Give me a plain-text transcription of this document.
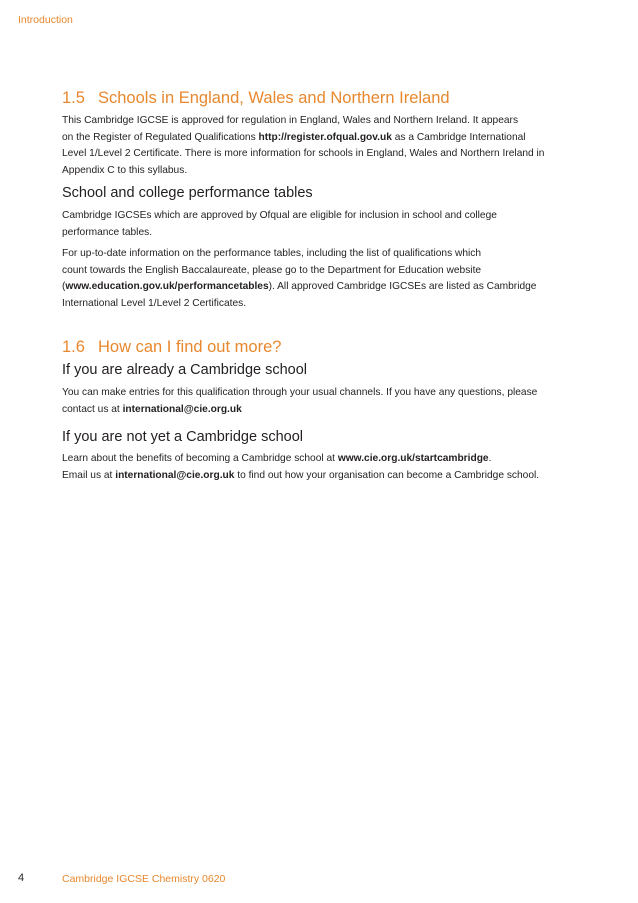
Introduction
1.5 Schools in England, Wales and Northern Ireland
This Cambridge IGCSE is approved for regulation in England, Wales and Northern Ireland. It appears
on the Register of Regulated Qualifications http://register.ofqual.gov.uk as a Cambridge International
Level 1/Level 2 Certificate. There is more information for schools in England, Wales and Northern Ireland in
Appendix C to this syllabus.
School and college performance tables
Cambridge IGCSEs which are approved by Ofqual are eligible for inclusion in school and college
performance tables.
For up-to-date information on the performance tables, including the list of qualifications which
count towards the English Baccalaureate, please go to the Department for Education website
(www.education.gov.uk/performancetables). All approved Cambridge IGCSEs are listed as Cambridge
International Level 1/Level 2 Certificates.
1.6 How can I find out more?
If you are already a Cambridge school
You can make entries for this qualification through your usual channels. If you have any questions, please
contact us at international@cie.org.uk
If you are not yet a Cambridge school
Learn about the benefits of becoming a Cambridge school at www.cie.org.uk/startcambridge.
Email us at international@cie.org.uk to find out how your organisation can become a Cambridge school.
4	Cambridge IGCSE Chemistry 0620
